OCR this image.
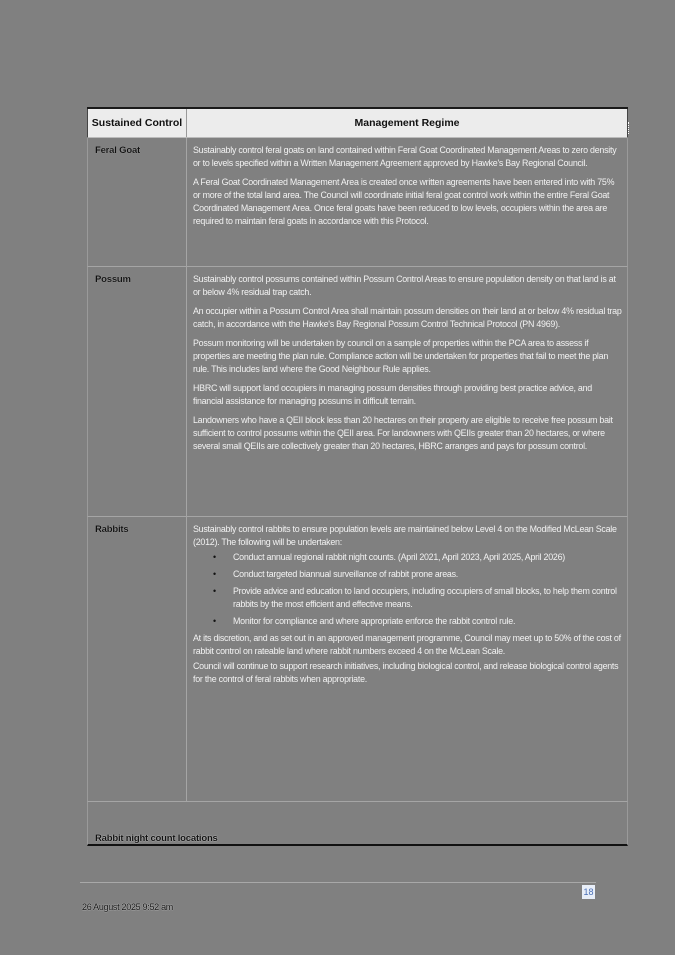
Sustained Control	Management Regime
Feral Goat	Sustainably control feral goats on land contained within Feral Goat Coordinated Management Areas to zero density or to levels specified within a Written Management Agreement approved by Hawke's Bay Regional Council.

A Feral Goat Coordinated Management Area is created once written agreements have been entered into with 75% or more of the total land area. The Council will coordinate initial feral goat control work within the entire Feral Goat Coordinated Management Area. Once feral goats have been reduced to low levels, occupiers within the area are required to maintain feral goats in accordance with this Protocol.

Possum	Sustainably control possums contained within Possum Control Areas to ensure population density on that land is at or below 4% residual trap catch.

An occupier within a Possum Control Area shall maintain possum densities on their land at or below 4% residual trap catch, in accordance with the Hawke's Bay Regional Possum Control Technical Protocol (PN 4969).

Possum monitoring will be undertaken by council on a sample of properties within the PCA area to assess if properties are meeting the plan rule. Compliance action will be undertaken for properties that fail to meet the plan rule. This includes land where the Good Neighbour Rule applies.

HBRC will support land occupiers in managing possum densities through providing best practice advice, and financial assistance for managing possums in difficult terrain.

Landowners who have a QEII block less than 20 hectares on their property are eligible to receive free possum bait sufficient to control possums within the QEII area. For landowners with QEIIs greater than 20 hectares, or where several small QEIIs are collectively greater than 20 hectares, HBRC arranges and pays for possum control.

Rabbits	Sustainably control rabbits to ensure population levels are maintained below Level 4 on the Modified McLean Scale (2012). The following will be undertaken:

• Conduct annual regional rabbit night counts. (April 2021, April 2023, April 2025, April 2026)
• Conduct targeted biannual surveillance of rabbit prone areas.
• Provide advice and education to land occupiers, including occupiers of small blocks, to help them control rabbits by the most efficient and effective means.
• Monitor for compliance and where appropriate enforce the rabbit control rule.

At its discretion, and as set out in an approved management programme, Council may meet up to 50% of the cost of rabbit control on rateable land where rabbit numbers exceed 4 on the McLean Scale.

Council will continue to support research initiatives, including biological control, and release biological control agents for the control of feral rabbits when appropriate.

Rabbit night count locations
18
26 August 2025 9:52 am
